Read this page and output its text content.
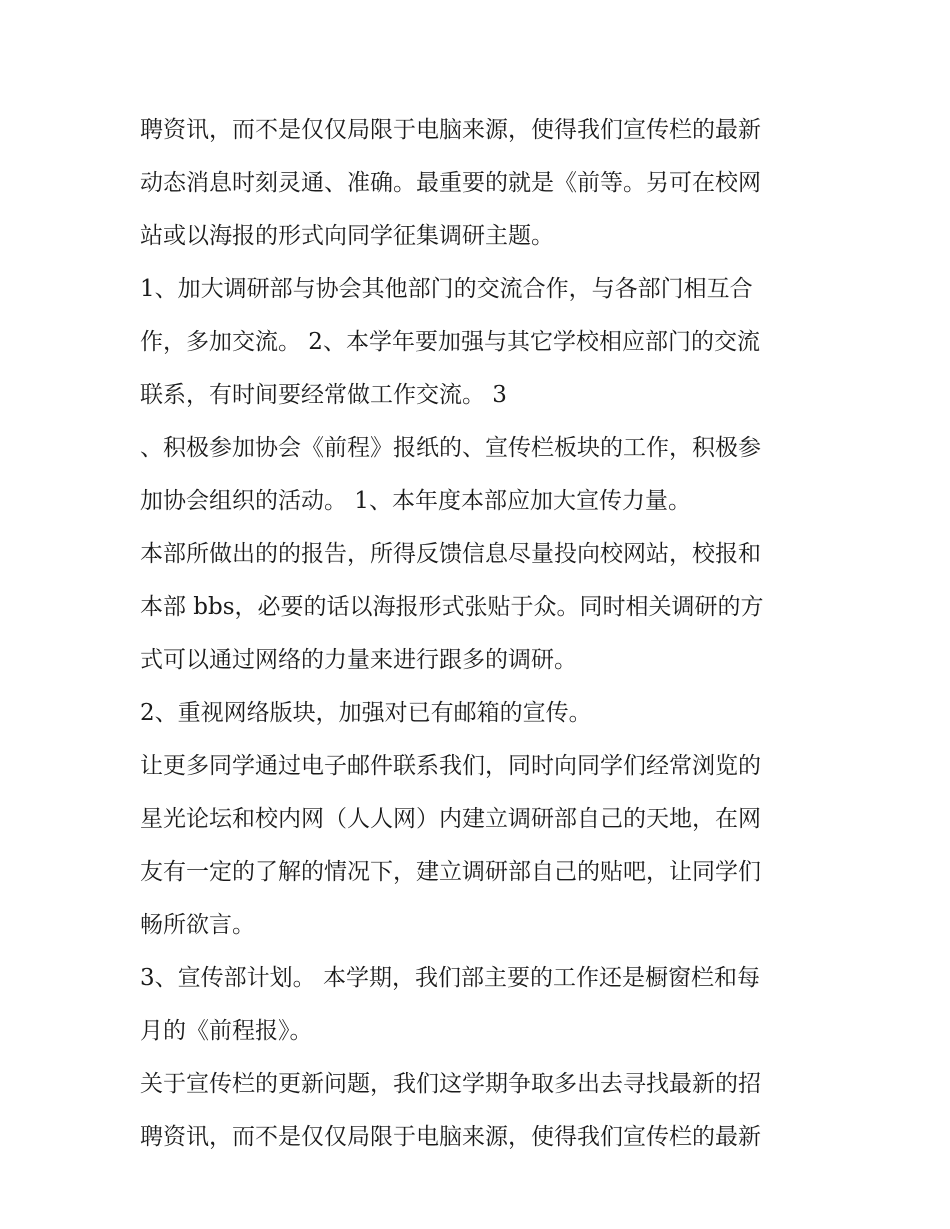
聘资讯，而不是仅仅局限于电脑来源，使得我们宣传栏的最新
动态消息时刻灵通、准确。最重要的就是《前等。另可在校网
站或以海报的形式向同学征集调研主题。
1、加大调研部与协会其他部门的交流合作，与各部门相互合
作，多加交流。 2、本学年要加强与其它学校相应部门的交流
联系，有时间要经常做工作交流。 3
、积极参加协会《前程》报纸的、宣传栏板块的工作，积极参
加协会组织的活动。 1、本年度本部应加大宣传力量。
本部所做出的的报告，所得反馈信息尽量投向校网站，校报和
本部 bbs，必要的话以海报形式张贴于众。同时相关调研的方
式可以通过网络的力量来进行跟多的调研。
2、重视网络版块，加强对已有邮箱的宣传。
让更多同学通过电子邮件联系我们，同时向同学们经常浏览的
星光论坛和校内网（人人网）内建立调研部自己的天地，在网
友有一定的了解的情况下，建立调研部自己的贴吧，让同学们
畅所欲言。
3、宣传部计划。 本学期，我们部主要的工作还是橱窗栏和每
月的《前程报》。
关于宣传栏的更新问题，我们这学期争取多出去寻找最新的招
聘资讯，而不是仅仅局限于电脑来源，使得我们宣传栏的最新
